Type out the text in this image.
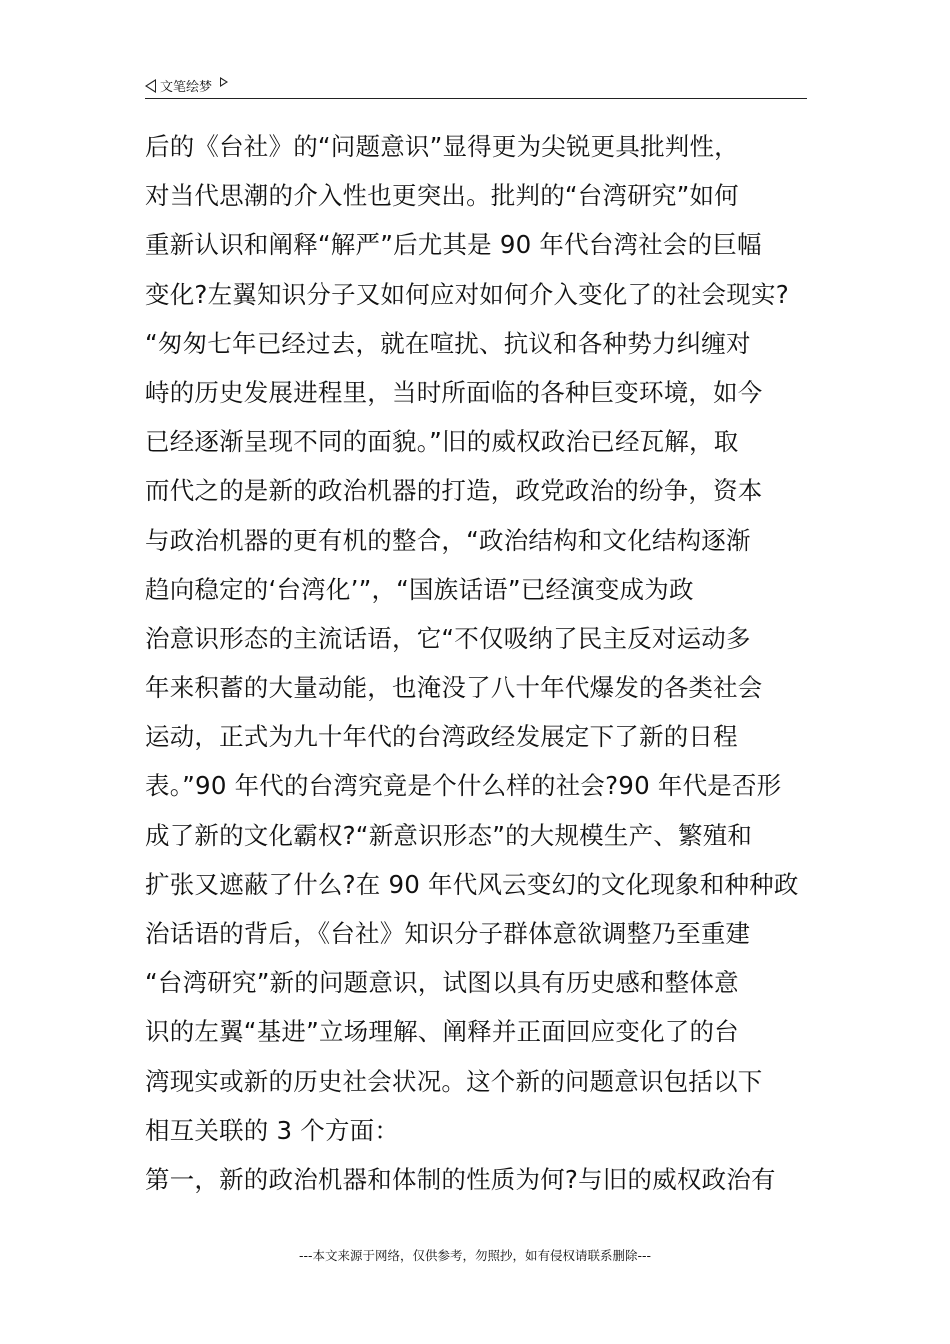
文笔绘梦
后的《台社》的“问题意识”显得更为尖锐更具批判性，
对当代思潮的介入性也更突出。批判的“台湾研究”如何
重新认识和阐释“解严”后尤其是 90 年代台湾社会的巨幅
变化?左翼知识分子又如何应对如何介入变化了的社会现实?
“匆匆七年已经过去，就在喧扰、抗议和各种势力纠缠对
峙的历史发展进程里，当时所面临的各种巨变环境，如今
已经逐渐呈现不同的面貌。”旧的威权政治已经瓦解，取
而代之的是新的政治机器的打造，政党政治的纷争，资本
与政治机器的更有机的整合，“政治结构和文化结构逐渐
趋向稳定的‘台湾化’”，“国族话语”已经演变成为政
治意识形态的主流话语，它“不仅吸纳了民主反对运动多
年来积蓄的大量动能，也淹没了八十年代爆发的各类社会
运动，正式为九十年代的台湾政经发展定下了新的日程
表。”90 年代的台湾究竟是个什么样的社会?90 年代是否形
成了新的文化霸权?“新意识形态”的大规模生产、繁殖和
扩张又遮蔽了什么?在 90 年代风云变幻的文化现象和种种政
治话语的背后，《台社》知识分子群体意欲调整乃至重建
“台湾研究”新的问题意识，试图以具有历史感和整体意
识的左翼“基进”立场理解、阐释并正面回应变化了的台
湾现实或新的历史社会状况。这个新的问题意识包括以下
相互关联的 3 个方面：
第一，新的政治机器和体制的性质为何?与旧的威权政治有
---本文来源于网络，仅供参考，勿照抄，如有侵权请联系删除---
